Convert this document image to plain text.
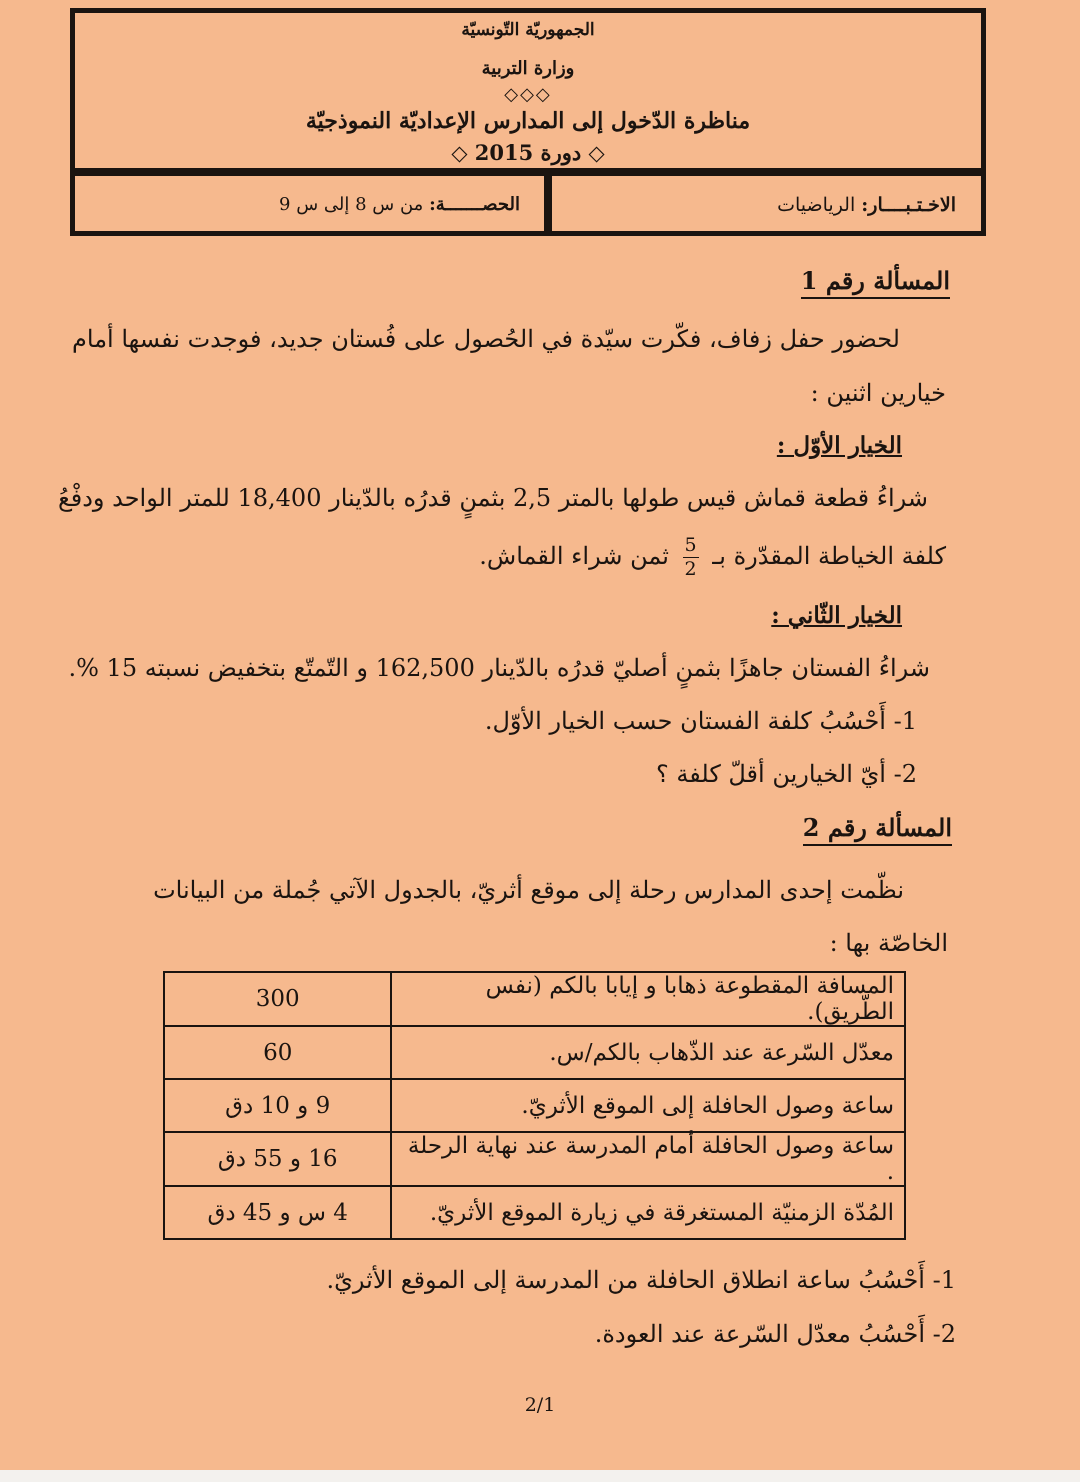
الجمهوريّة التّونسيّة
وزارة التربية
◇◇◇
مناظرة الدّخول إلى المدارس الإعداديّة النموذجيّة
◇ دورة 2015 ◇
الاخـتـبــــار: الرياضيات
الحصـــــــة: من س 8 إلى س 9
المسألة رقم 1
لحضور حفل زفاف، فكّرت سيّدة في الحُصول على فُستان جديد، فوجدت نفسها أمام
خيارين اثنين :
الخيار الأوّل :
شراءُ قطعة قماش قيس طولها بالمتر 2,5 بثمنٍ قدرُه بالدّينار 18,400 للمتر الواحد ودفْعُ
كلفة الخياطة المقدّرة بـ
$\frac{5}{2}$
ثمن شراء القماش.
الخيار الثّاني :
شراءُ الفستان جاهزًا بثمنٍ أصليّ قدرُه بالدّينار 162,500 و التّمتّع بتخفيض نسبته 15 %.
1- أَحْسُبُ كلفة الفستان حسب الخيار الأوّل.
2- أيّ الخيارين أقلّ كلفة ؟
المسألة رقم 2
نظّمت إحدى المدارس رحلة إلى موقع أثريّ، بالجدول الآتي جُملة من البيانات
الخاصّة بها :
المسافة المقطوعة ذهابا و إيابا بالكم (نفس الطّريق).	300
معدّل السّرعة عند الذّهاب بالكم/س.	60
ساعة وصول الحافلة إلى الموقع الأثريّ.	9 و 10 دق
ساعة وصول الحافلة أمام المدرسة عند نهاية الرحلة .	16 و 55 دق
المُدّة الزمنيّة المستغرقة في زيارة الموقع الأثريّ.	4 س و 45 دق
1- أَحْسُبُ ساعة انطلاق الحافلة من المدرسة إلى الموقع الأثريّ.
2- أَحْسُبُ معدّل السّرعة عند العودة.
2/1
